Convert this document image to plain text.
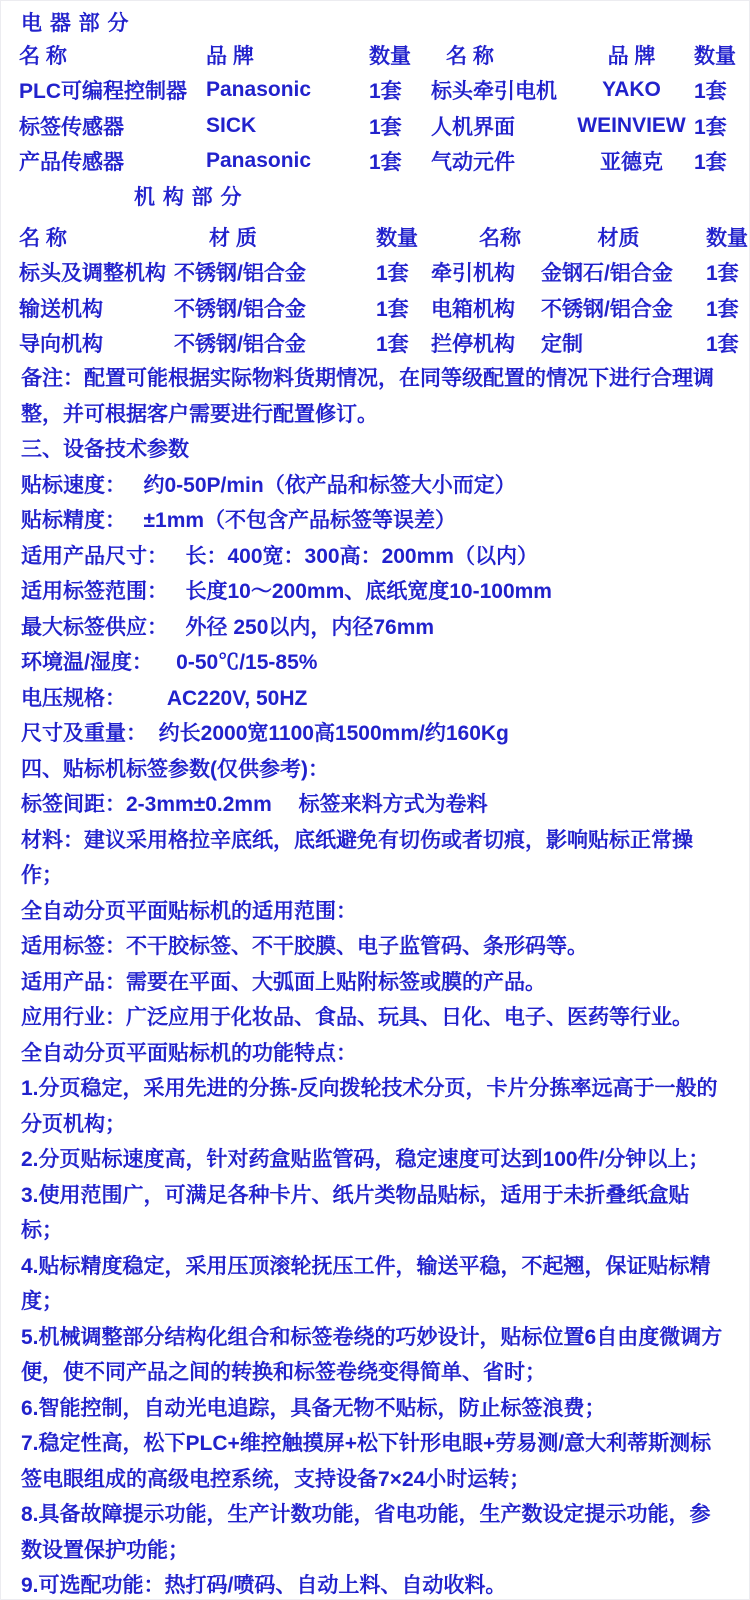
电 器 部 分
名 称	品 牌	数量	名 称	品 牌	数量
PLC可编程控制器 Panasonic	1套	标头牵引电机	YAKO	1套
标签传感器	SICK	1套	人机界面	WEINVIEW 1套
产品传感器	Panasonic	1套	气动元件	亚德克	1套
机 构 部 分
名 称	材 质	数量	名称	材质	数量
标头及调整机构 不锈钢/铝合金	1套	牵引机构	金钢石/铝合金	1套
输送机构	不锈钢/铝合金	1套	电箱机构	不锈钢/铝合金	1套
导向机构	不锈钢/铝合金	1套	拦停机构	定制	1套

备注：配置可能根据实际物料货期情况，在同等级配置的情况下进行合理调整，并可根据客户需要进行配置修订。

三、设备技术参数

贴标速度：   约0-50P/min（依产品和标签大小而定）

贴标精度：   ±1mm（不包含产品标签等误差）

适用产品尺寸：   长：400宽：300高：200mm（以内）

适用标签范围：   长度10～200mm、底纸宽度10-100mm

最大标签供应：   外径 250以内，内径76mm

环境温/湿度：    0-50℃/15-85%

电压规格：       AC220V, 50HZ

尺寸及重量：  约长2000宽1100高1500mm/约160Kg

四、贴标机标签参数(仅供参考)：

标签间距：2-3mm±0.2mm　 标签来料方式为卷料

材料：建议采用格拉辛底纸，底纸避免有切伤或者切痕，影响贴标正常操作；

全自动分页平面贴标机的适用范围：

适用标签：不干胶标签、不干胶膜、电子监管码、条形码等。

适用产品：需要在平面、大弧面上贴附标签或膜的产品。

应用行业：广泛应用于化妆品、食品、玩具、日化、电子、医药等行业。

全自动分页平面贴标机的功能特点：

1.分页稳定，采用先进的分拣-反向拨轮技术分页，卡片分拣率远高于一般的分页机构；

2.分页贴标速度高，针对药盒贴监管码，稳定速度可达到100件/分钟以上；

3.使用范围广，可满足各种卡片、纸片类物品贴标，适用于未折叠纸盒贴标；

4.贴标精度稳定，采用压顶滚轮抚压工件，输送平稳，不起翘，保证贴标精度；

5.机械调整部分结构化组合和标签卷绕的巧妙设计，贴标位置6自由度微调方便，使不同产品之间的转换和标签卷绕变得简单、省时；

6.智能控制，自动光电追踪，具备无物不贴标，防止标签浪费；

7.稳定性高，松下PLC+维控触摸屏+松下针形电眼+劳易测/意大利蒂斯测标签电眼组成的高级电控系统，支持设备7×24小时运转；

8.具备故障提示功能，生产计数功能，省电功能，生产数设定提示功能，参数设置保护功能；

9.可选配功能：热打码/喷码、自动上料、自动收料。
